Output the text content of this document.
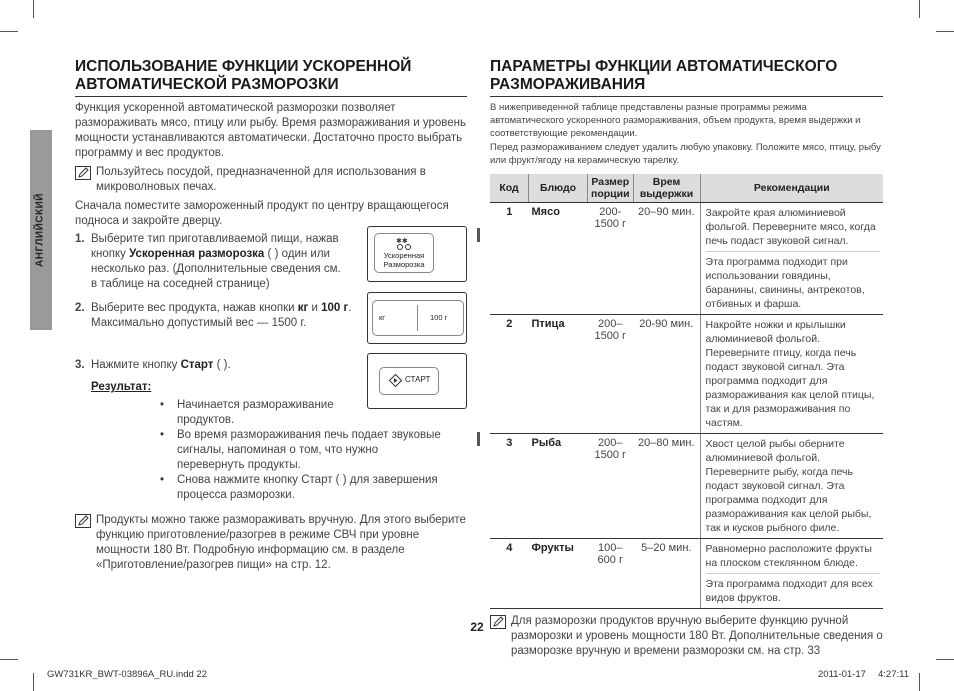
АНГЛИЙСКИЙ
ИСПОЛЬЗОВАНИЕ ФУНКЦИИ УСКОРЕННОЙ АВТОМАТИЧЕСКОЙ РАЗМОРОЗКИ

Функция ускоренной автоматической разморозки позволяет размораживать мясо, птицу или рыбу. Время размораживания и уровень мощности устанавливаются автоматически. Достаточно просто выбрать программу и вес продуктов.

Пользуйтесь посудой, предназначенной для использования в микроволновых печах.

Сначала поместите замороженный продукт по центру вращающегося подноса и закройте дверцу.

1. Выберите тип приготавливаемой пищи, нажав кнопку Ускоренная разморозка ( ) один или несколько раз. (Дополнительные сведения см. в таблице на соседней странице)
2. Выберите вес продукта, нажав кнопки кг и 100 г. Максимально допустимый вес — 1500 г.
3. Нажмите кнопку Старт ( ).
Результат:
• Начинается размораживание продуктов.
• Во время размораживания печь подает звуковые сигналы, напоминая о том, что нужно перевернуть продукты.
• Снова нажмите кнопку Старт ( ) для завершения процесса разморозки.

Продукты можно также размораживать вручную. Для этого выберите функцию приготовление/разогрев в режиме СВЧ при уровне мощности 180 Вт. Подробную информацию см. в разделе «Приготовление/разогрев пищи» на стр. 12.

✱✱
Ускоренная
Разморозка
кг	100 г
СТАРТ
ПАРАМЕТРЫ ФУНКЦИИ АВТОМАТИЧЕСКОГО РАЗМОРАЖИВАНИЯ

В нижеприведенной таблице представлены разные программы режима автоматического ускоренного размораживания, объем продукта, время выдержки и соответствующие рекомендации.

Перед размораживанием следует удалить любую упаковку. Положите мясо, птицу, рыбу или фрукт/ягоду на керамическую тарелку.

Код	Блюдо	Размер порции	Врем выдержки	Рекомендации
1	Мясо	200-1500 г	20–90 мин.	Закройте края алюминиевой фольгой. Переверните мясо, когда печь подаст звуковой сигнал.
Эта программа подходит при использовании говядины, баранины, свинины, антрекотов, отбивных и фарша.

2	Птица	200–1500 г	20-90 мин.	Накройте ножки и крылышки алюминиевой фольгой. Переверните птицу, когда печь подаст звуковой сигнал. Эта программа подходит для размораживания как целой птицы, так и для размораживания по частям.
3	Рыба	200–1500 г	20–80 мин.	Хвост целой рыбы оберните алюминиевой фольгой. Переверните рыбу, когда печь подаст звуковой сигнал. Эта программа подходит для размораживания как целой рыбы, так и кусков рыбного филе.
4	Фрукты	100–600 г	5–20 мин.	Равномерно расположите фрукты на плоском стеклянном блюде.
Эта программа подходит для всех видов фруктов.

Для разморозки продуктов вручную выберите функцию ручной разморозки и уровень мощности 180 Вт. Дополнительные сведения о разморозке вручную и времени разморозки см. на стр. 33

22
GW731KR_BWT-03896A_RU.indd 22	2011-01-17 4:27:11
